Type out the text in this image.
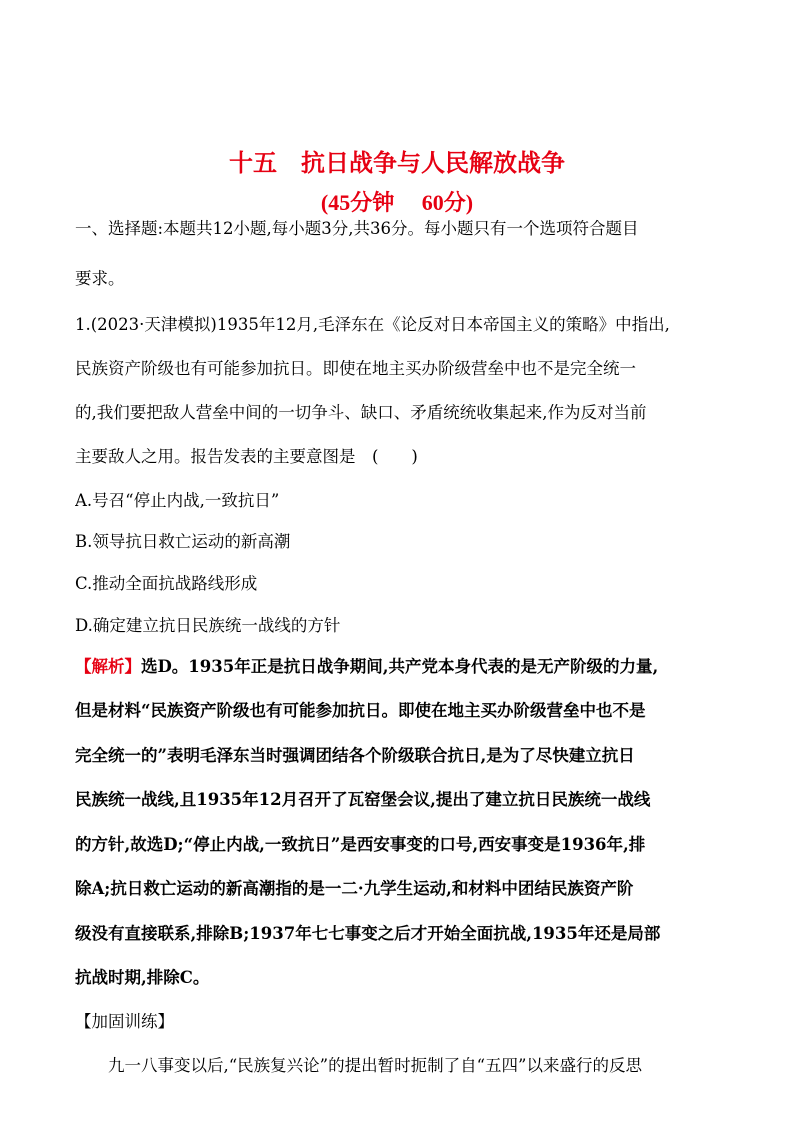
十五　抗日战争与人民解放战争
(45分钟　 60分)
一、选择题:本题共12小题,每小题3分,共36分。每小题只有一个选项符合题目
要求。
1.(2023·天津模拟)1935年12月,毛泽东在《论反对日本帝国主义的策略》中指出,
民族资产阶级也有可能参加抗日。即使在地主买办阶级营垒中也不是完全统一
的,我们要把敌人营垒中间的一切争斗、缺口、矛盾统统收集起来,作为反对当前
主要敌人之用。报告发表的主要意图是　(　　)
A.号召“停止内战,一致抗日”
B.领导抗日救亡运动的新高潮
C.推动全面抗战路线形成
D.确定建立抗日民族统一战线的方针
【解析】选D。1935年正是抗日战争期间,共产党本身代表的是无产阶级的力量,
但是材料“民族资产阶级也有可能参加抗日。即使在地主买办阶级营垒中也不是
完全统一的”表明毛泽东当时强调团结各个阶级联合抗日,是为了尽快建立抗日
民族统一战线,且1935年12月召开了瓦窑堡会议,提出了建立抗日民族统一战线
的方针,故选D;“停止内战,一致抗日”是西安事变的口号,西安事变是1936年,排
除A;抗日救亡运动的新高潮指的是一二·九学生运动,和材料中团结民族资产阶
级没有直接联系,排除B;1937年七七事变之后才开始全面抗战,1935年还是局部
抗战时期,排除C。
【加固训练】
九一八事变以后,“民族复兴论”的提出暂时扼制了自“五四”以来盛行的反思
